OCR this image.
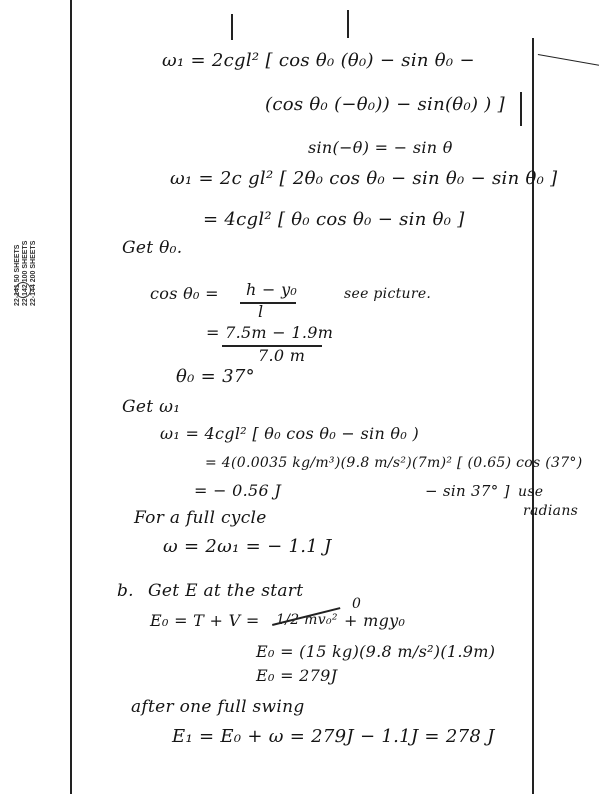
22-141 50 SHEETS 22-142 100 SHEETS 22-144 200 SHEETS
ω₁ = 2cgl² [ cos θ₀ (θ₀) − sin θ₀ −
(cos θ₀ (−θ₀)) − sin(θ₀) ) ]
sin(−θ) = − sin θ
ω₁ = 2c gl² [ 2θ₀ cos θ₀ − sin θ₀ − sin θ₀ ]
= 4cgl² [ θ₀ cos θ₀ − sin θ₀ ]
Get θ₀.
cos θ₀ = h − y₀
l
see picture.
= 7.5m − 1.9m
7.0 m
θ₀ = 37°
Get ω₁
ω₁ = 4cgl² [ θ₀ cos θ₀ − sin θ₀ )
= 4(0.0035 kg/m³)(9.8 m/s²)(7m)² [ (0.65) cos (37°)
= − 0.56 J	− sin 37° ] use
radians
For a full cycle
ω = 2ω₁ = − 1.1 J
b. Get E at the start
E₀ = T + V = 1/2 mv₀²
0
+ mgy₀
E₀ = (15 kg)(9.8 m/s²)(1.9m)
E₀ = 279J
after one full swing
E₁ = E₀ + ω = 279J − 1.1J = 278 J
